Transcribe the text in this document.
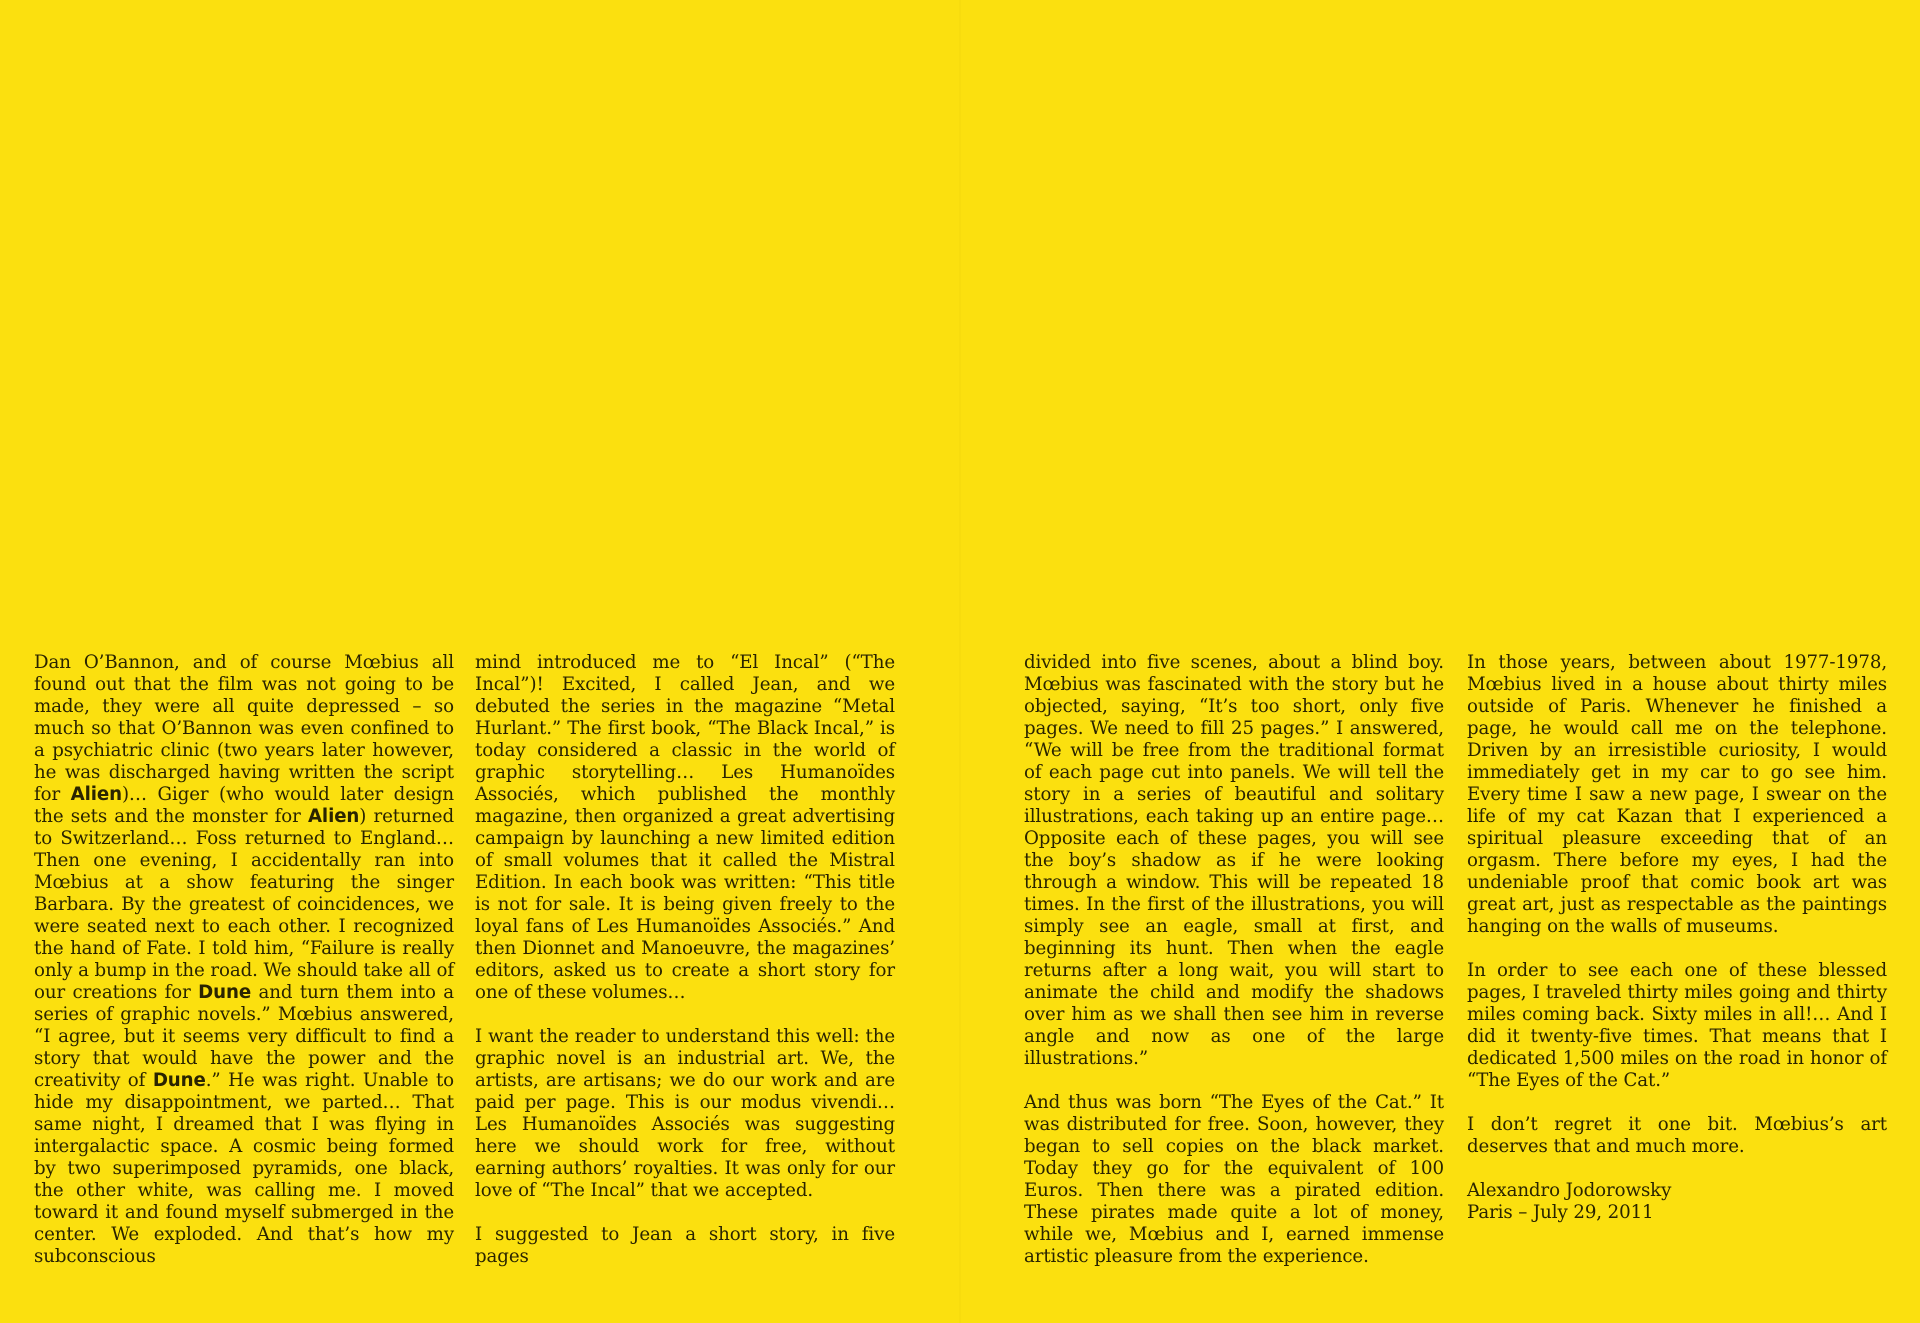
Dan O’Bannon, and of course Mœbius all found out that the film was not going to be made, they were all quite depressed – so much so that O’Bannon was even confined to a psychiatric clinic (two years later however, he was discharged having written the script for Alien)… Giger (who would later design the sets and the monster for Alien) returned to Switzerland… Foss returned to England… Then one evening, I accidentally ran into Mœbius at a show featuring the singer Barbara. By the greatest of coincidences, we were seated next to each other. I recognized the hand of Fate. I told him, “Failure is really only a bump in the road. We should take all of our creations for Dune and turn them into a series of graphic novels.” Mœbius answered, “I agree, but it seems very difficult to find a story that would have the power and the creativity of Dune.” He was right. Unable to hide my disappointment, we parted… That same night, I dreamed that I was flying in intergalactic space. A cosmic being formed by two superimposed pyramids, one black, the other white, was calling me. I moved toward it and found myself submerged in the center. We exploded. And that’s how my subconscious

mind introduced me to “El Incal” (“The Incal”)! Excited, I called Jean, and we debuted the series in the magazine “Metal Hurlant.” The first book, “The Black Incal,” is today considered a classic in the world of graphic storytelling… Les Humanoïdes Associés, which published the monthly magazine, then organized a great advertising campaign by launching a new limited edition of small volumes that it called the Mistral Edition. In each book was written: “This title is not for sale. It is being given freely to the loyal fans of Les Humanoïdes Associés.” And then Dionnet and Manoeuvre, the magazines’ editors, asked us to create a short story for one of these volumes…

I want the reader to understand this well: the graphic novel is an industrial art. We, the artists, are artisans; we do our work and are paid per page. This is our modus vivendi… Les Humanoïdes Associés was suggesting here we should work for free, without earning authors’ royalties. It was only for our love of “The Incal” that we accepted.

I suggested to Jean a short story, in five pages

divided into five scenes, about a blind boy. Mœbius was fascinated with the story but he objected, saying, “It’s too short, only five pages. We need to fill 25 pages.” I answered, “We will be free from the traditional format of each page cut into panels. We will tell the story in a series of beautiful and solitary illustrations, each taking up an entire page… Opposite each of these pages, you will see the boy’s shadow as if he were looking through a window. This will be repeated 18 times. In the first of the illustrations, you will simply see an eagle, small at first, and beginning its hunt. Then when the eagle returns after a long wait, you will start to animate the child and modify the shadows over him as we shall then see him in reverse angle and now as one of the large illustrations.”

And thus was born “The Eyes of the Cat.” It was distributed for free. Soon, however, they began to sell copies on the black market. Today they go for the equivalent of 100 Euros. Then there was a pirated edition. These pirates made quite a lot of money, while we, Mœbius and I, earned immense artistic pleasure from the experience.

In those years, between about 1977-1978, Mœbius lived in a house about thirty miles outside of Paris. Whenever he finished a page, he would call me on the telephone. Driven by an irresistible curiosity, I would immediately get in my car to go see him. Every time I saw a new page, I swear on the life of my cat Kazan that I experienced a spiritual pleasure exceeding that of an orgasm. There before my eyes, I had the undeniable proof that comic book art was great art, just as respectable as the paintings hanging on the walls of museums.

In order to see each one of these blessed pages, I traveled thirty miles going and thirty miles coming back. Sixty miles in all!… And I did it twenty-five times. That means that I dedicated 1,500 miles on the road in honor of “The Eyes of the Cat.”

I don’t regret it one bit. Mœbius’s art deserves that and much more.

Alexandro Jodorowsky
Paris – July 29, 2011
